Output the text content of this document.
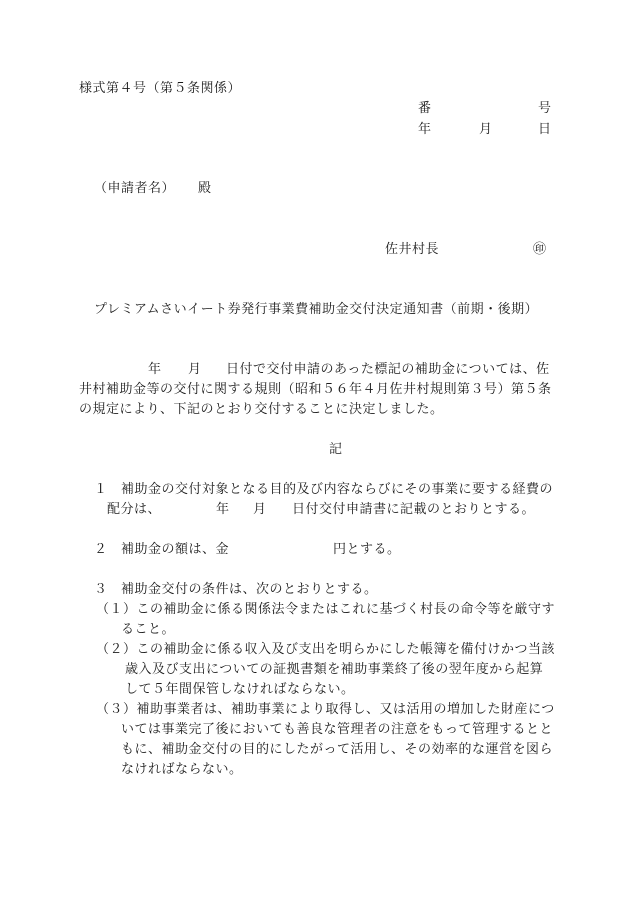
様式第４号（第５条関係）
番	号
年	月	日
（申請者名） 殿
佐井村長	㊞
プレミアムさいイート券発行事業費補助金交付決定通知書（前期・後期）
年 月 日付で交付申請のあった標記の補助金については、佐
井村補助金等の交付に関する規則（昭和５６年４月佐井村規則第３号）第５条
の規定により、下記のとおり交付することに決定しました。
記
１　補助金の交付対象となる目的及び内容ならびにその事業に要する経費の
配分は、	年 月 日付交付申請書に記載のとおりとする。
２　補助金の額は、金	円とする。
３　補助金交付の条件は、次のとおりとする。
（１）この補助金に係る関係法令またはこれに基づく村長の命令等を厳守す
ること。
（２）この補助金に係る収入及び支出を明らかにした帳簿を備付けかつ当該
歳入及び支出についての証拠書類を補助事業終了後の翌年度から起算
して５年間保管しなければならない。
（３）補助事業者は、補助事業により取得し、又は活用の増加した財産につ
いては事業完了後においても善良な管理者の注意をもって管理するとと
もに、補助金交付の目的にしたがって活用し、その効率的な運営を図ら
なければならない。
